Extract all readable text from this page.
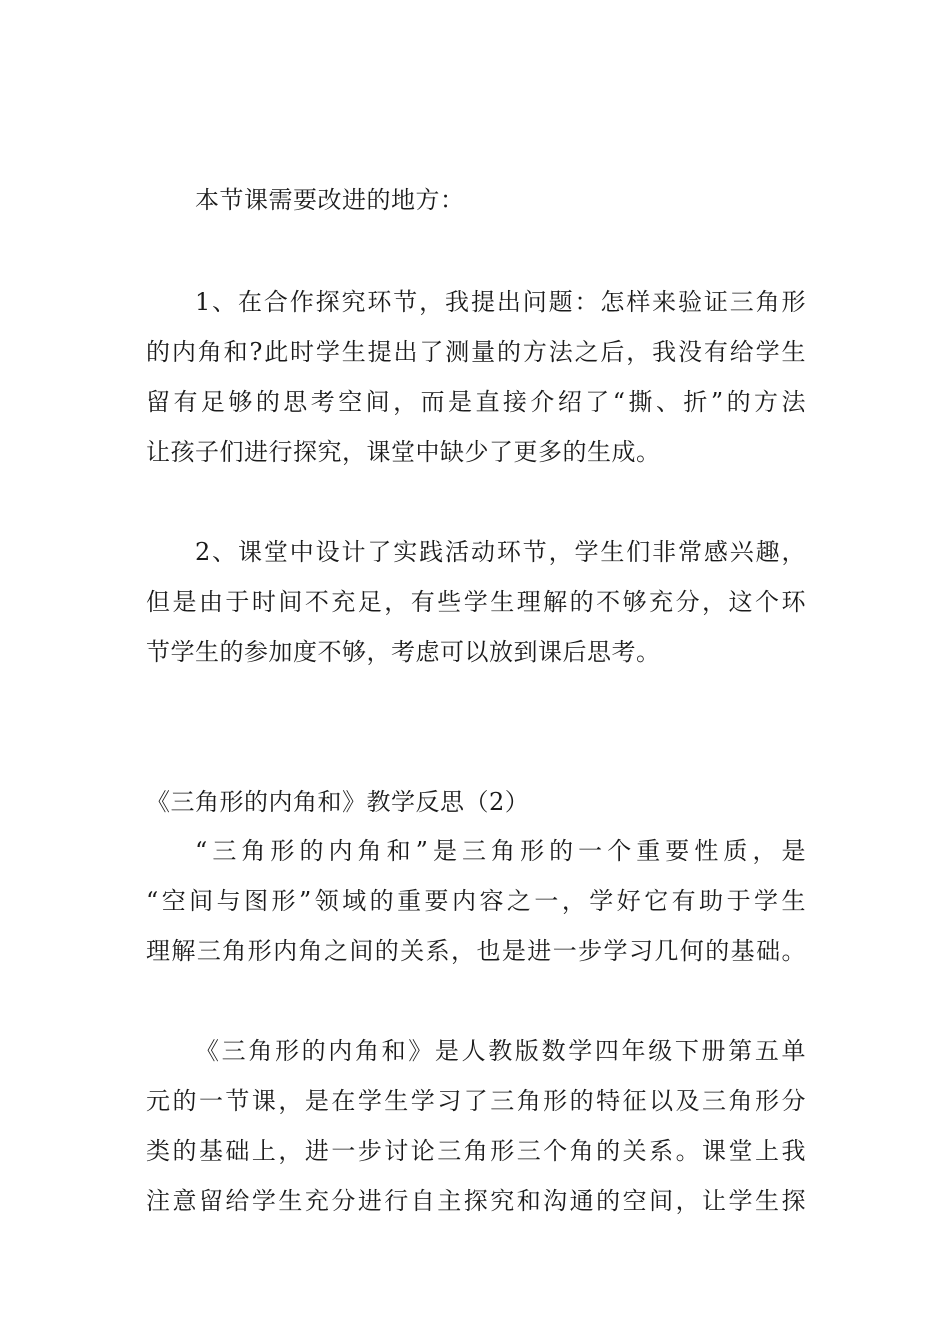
本节课需要改进的地方：
1、在合作探究环节，我提出问题：怎样来验证三角形
的内角和?此时学生提出了测量的方法之后，我没有给学生
留有足够的思考空间，而是直接介绍了“撕、折”的方法
让孩子们进行探究，课堂中缺少了更多的生成。
2、课堂中设计了实践活动环节，学生们非常感兴趣，
但是由于时间不充足，有些学生理解的不够充分，这个环
节学生的参加度不够，考虑可以放到课后思考。
《三角形的内角和》教学反思（2）
“三角形的内角和”是三角形的一个重要性质，是
“空间与图形”领域的重要内容之一，学好它有助于学生
理解三角形内角之间的关系，也是进一步学习几何的基础。
《三角形的内角和》是人教版数学四年级下册第五单
元的一节课，是在学生学习了三角形的特征以及三角形分
类的基础上，进一步讨论三角形三个角的关系。课堂上我
注意留给学生充分进行自主探究和沟通的空间，让学生探
